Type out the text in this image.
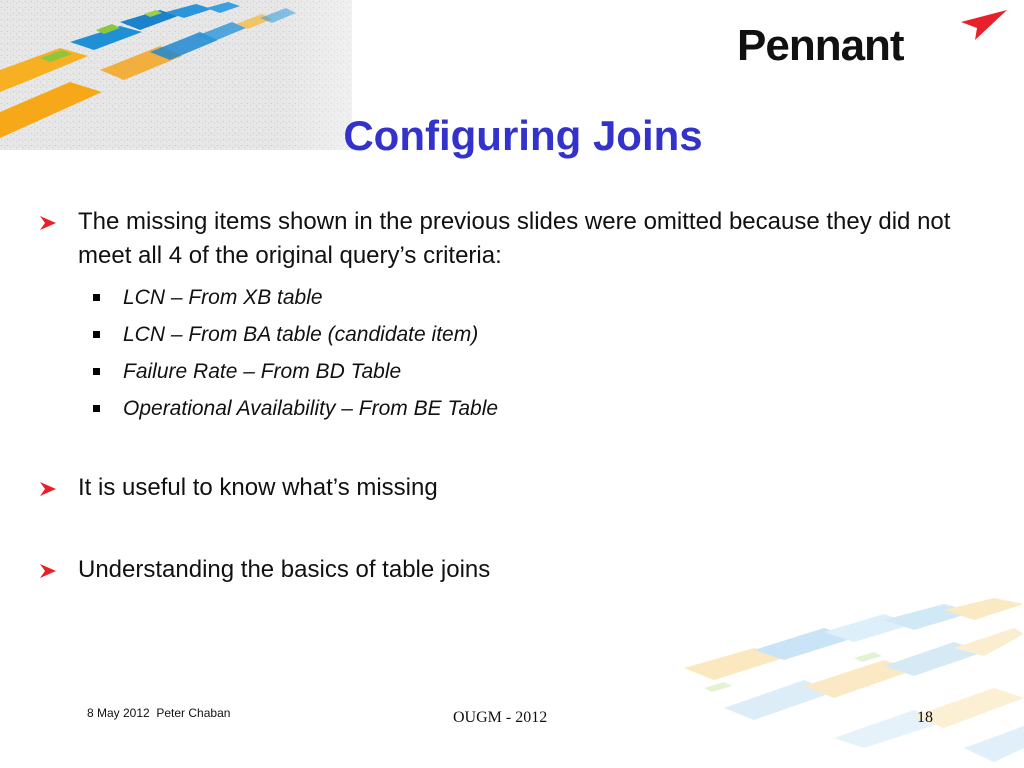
Pennant
Configuring Joins
The missing items shown in the previous slides were omitted because they did not meet all 4 of the original query’s criteria:
LCN – From XB table
LCN – From BA table (candidate item)
Failure Rate – From BD Table
Operational Availability – From BE Table
It is useful to know what’s missing
Understanding the basics of table joins
8 May 2012  Peter Chaban	OUGM - 2012	18
